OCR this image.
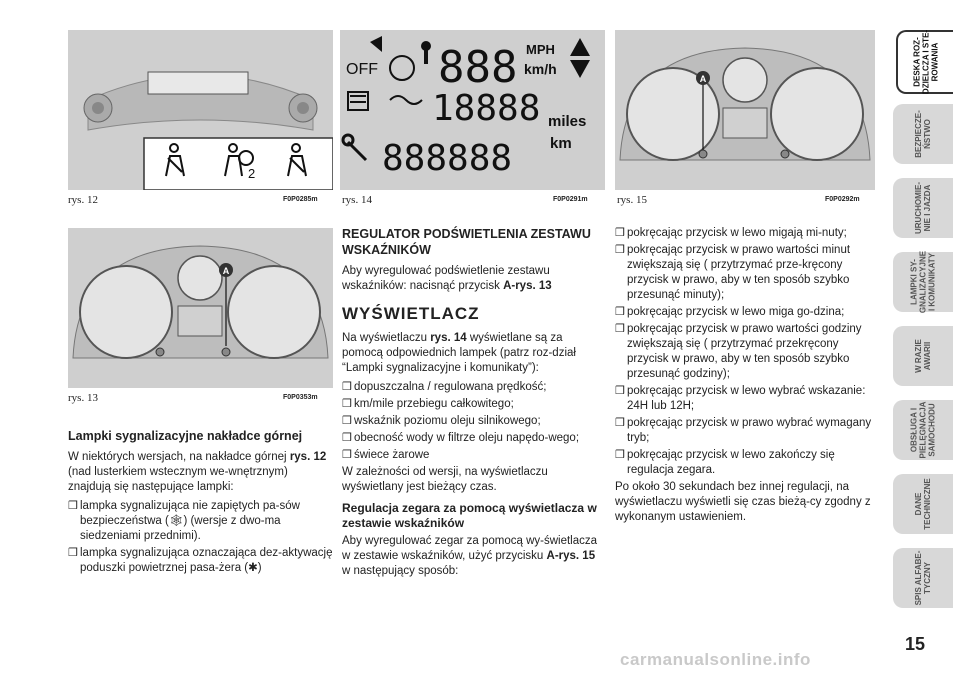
2
rys. 12	F0P0285m
OFF 888 MPH
km/h
18888 miles
888888	km
rys. 14	F0P0291m
A
rys. 15	F0P0292m
A
rys. 13	F0P0353m
Lampki sygnalizacyjne nakładce górnej

W niektórych wersjach, na nakładce górnej rys. 12 (nad lusterkiem wstecznym we-wnętrznym) znajdują się następujące lampki:

❒ lampka sygnalizująca nie zapiętych pa-sów bezpieczeństwa (🕸) (wersje z dwo-ma siedzeniami przednimi).
❒ lampka sygnalizująca oznaczająca dez-aktywację poduszki powietrznej pasa-żera (✱)
REGULATOR PODŚWIETLENIA ZESTAWU WSKAŹNIKÓW

Aby wyregulować podświetlenie zestawu wskaźników: nacisnąć przycisk A-rys. 13

WYŚWIETLACZ

Na wyświetlaczu rys. 14 wyświetlane są za pomocą odpowiednich lampek (patrz roz-dział “Lampki sygnalizacyjne i komunikaty”):

❒ dopuszczalna / regulowana prędkość;
❒ km/mile przebiegu całkowitego;
❒ wskaźnik poziomu oleju silnikowego;
❒ obecność wody w filtrze oleju napędo-wego;
❒ świece żarowe

W zależności od wersji, na wyświetlaczu wyświetlany jest bieżący czas.

Regulacja zegara za pomocą wyświetlacza w zestawie wskaźników

Aby wyregulować zegar za pomocą wy-świetlacza w zestawie wskaźników, użyć przycisku A-rys. 15 w następujący sposób:

❒ pokręcając przycisk w lewo migają mi-nuty;
❒ pokręcając przycisk w prawo wartości minut zwiększają się ( przytrzymać prze-kręcony przycisk w prawo, aby w ten sposób szybko przesunąć minuty);
❒ pokręcając przycisk w lewo miga go-dzina;
❒ pokręcając przycisk w prawo wartości godziny zwiększają się ( przytrzymać przekręcony przycisk w prawo, aby w ten sposób szybko przesunąć godziny);
❒ pokręcając przycisk w lewo wybrać wskazanie: 24H lub 12H;
❒ pokręcając przycisk w prawo wybrać wymagany tryb;
❒ pokręcając przycisk w lewo zakończy się regulacja zegara.

Po około 30 sekundach bez innej regulacji, na wyświetlaczu wyświetli się czas bieżą-cy zgodny z wykonanym ustawieniem.

DESKA ROZ-
DZIELCZA I STE-
ROWANIA
BEZPIECZE-
ŃSTWO
URUCHOMIE-
NIE I JAZDA
LAMPKI SY-
GNALIZACYJNE
I KOMUNIKATY
W RAZIE
AWARII
OBSŁUGA I
PIELĘGNACJA
SAMOCHODU
DANE
TECHNICZNE
SPIS ALFABE-
TYCZNY
15
carmanualsonline.info
